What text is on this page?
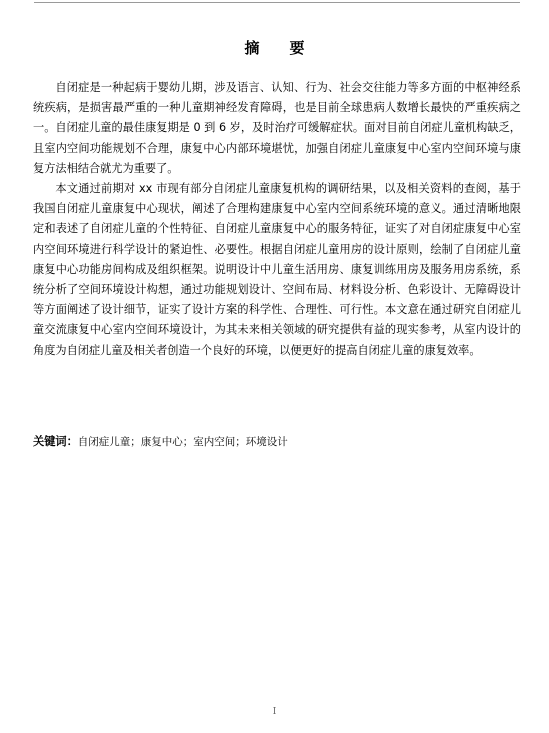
摘要

自闭症是一种起病于婴幼儿期，涉及语言、认知、行为、社会交往能力等多方面的中枢神经系统疾病，是损害最严重的一种儿童期神经发育障碍，也是目前全球患病人数增长最快的严重疾病之一。自闭症儿童的最佳康复期是 0 到 6 岁，及时治疗可缓解症状。面对目前自闭症儿童机构缺乏，且室内空间功能规划不合理，康复中心内部环境堪忧，加强自闭症儿童康复中心室内空间环境与康复方法相结合就尤为重要了。

本文通过前期对 xx 市现有部分自闭症儿童康复机构的调研结果，以及相关资料的查阅，基于我国自闭症儿童康复中心现状，阐述了合理构建康复中心室内空间系统环境的意义。通过清晰地限定和表述了自闭症儿童的个性特征、自闭症儿童康复中心的服务特征，证实了对自闭症康复中心室内空间环境进行科学设计的紧迫性、必要性。根据自闭症儿童用房的设计原则，绘制了自闭症儿童康复中心功能房间构成及组织框架。说明设计中儿童生活用房、康复训练用房及服务用房系统，系统分析了空间环境设计构想，通过功能规划设计、空间布局、材料设分析、色彩设计、无障碍设计等方面阐述了设计细节，证实了设计方案的科学性、合理性、可行性。本文意在通过研究自闭症儿童交流康复中心室内空间环境设计，为其未来相关领域的研究提供有益的现实参考，从室内设计的角度为自闭症儿童及相关者创造一个良好的环境，以便更好的提高自闭症儿童的康复效率。

关键词：自闭症儿童；康复中心；室内空间；环境设计
I
